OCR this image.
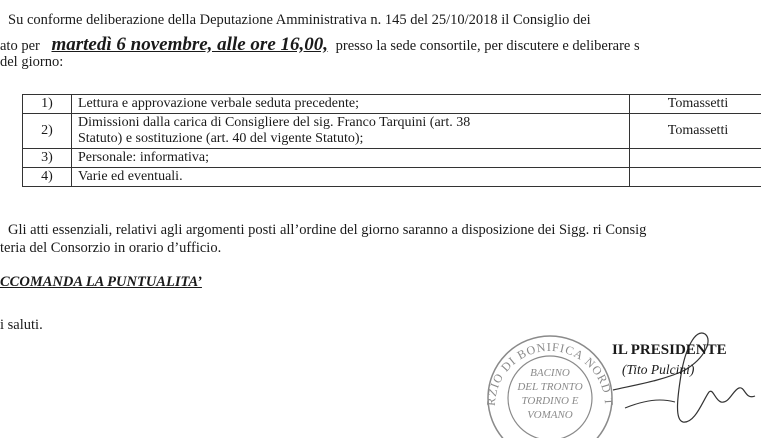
Su conforme deliberazione della Deputazione Amministrativa n. 145 del 25/10/2018 il Consiglio dei
ato per martedì 6 novembre, alle ore 16,00, presso la sede consortile, per discutere e deliberare s
del giorno:
1)	Lettura e approvazione verbale seduta precedente;	Tomassetti
2)	Dimissioni dalla carica di Consigliere del sig. Franco Tarquini (art. 38
Statuto) e sostituzione (art. 40 del vigente Statuto);	Tomassetti
3)	Personale: informativa;	
4)	Varie ed eventuali.	
Gli atti essenziali, relativi agli argomenti posti all’ordine del giorno saranno a disposizione dei Sigg. ri Consig
teria del Consorzio in orario d’ufficio.
CCOMANDA LA PUNTUALITA’
i saluti.
RZIO DI BONIFICA NORD T
BACINO
DEL TRONTO
TORDINO E
VOMANO
IL PRESIDENTE
(Tito Pulcini)
